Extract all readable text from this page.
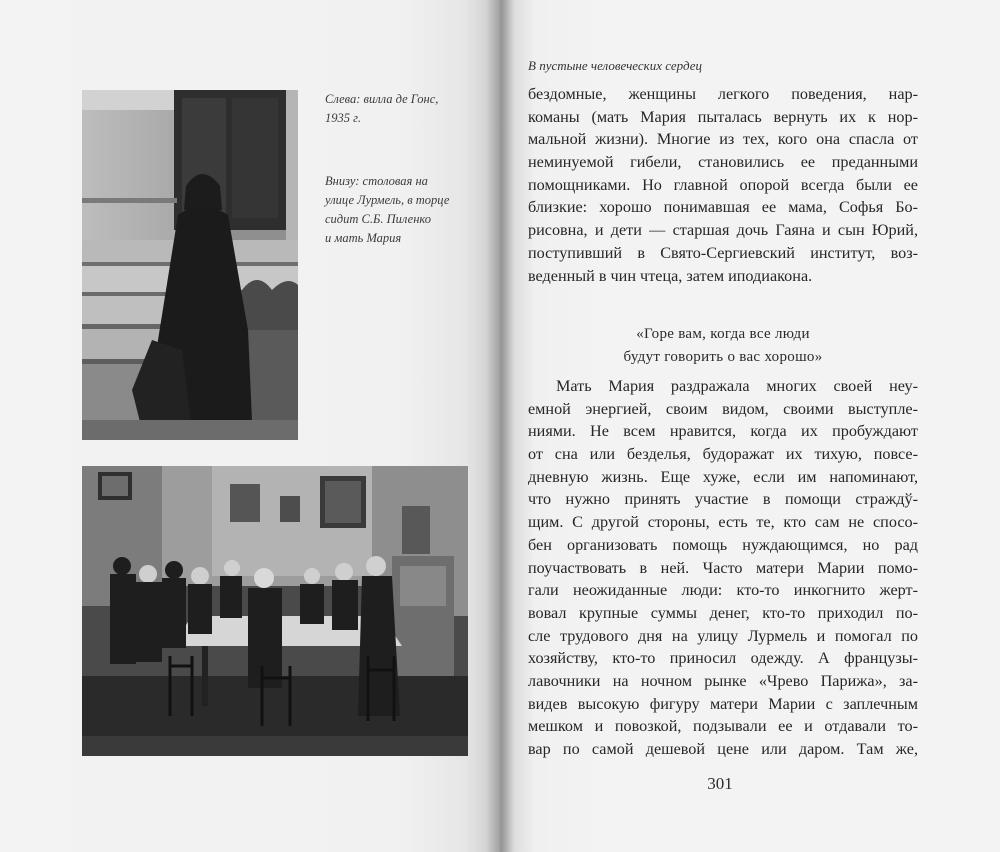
Слева: вилла де Гонс,
1935 г.
Внизу: столовая на
улице Лурмель, в торце
сидит С.Б. Пиленко
и мать Мария
В пустыне человеческих сердец
бездомные, женщины легкого поведения, нар-
команы (мать Мария пыталась вернуть их к нор-
мальной жизни). Многие из тех, кого она спасла от
неминуемой гибели, становились ее преданными
помощниками. Но главной опорой всегда были ее
близкие: хорошо понимавшая ее мама, Софья Бо-
рисовна, и дети — старшая дочь Гаяна и сын Юрий,
поступивший в Свято-Сергиевский институт, воз-
веденный в чин чтеца, затем иподиакона.
«Горе вам, когда все люди
будут говорить о вас хорошо»
Мать Мария раздражала многих своей неу-
емной энергией, своим видом, своими выступле-
ниями. Не всем нравится, когда их пробуждают
от сна или безделья, будоражат их тихую, повсе-
дневную жизнь. Еще хуже, если им напоминают,
что нужно принять участие в помощи страждў-
щим. С другой стороны, есть те, кто сам не спосо-
бен организовать помощь нуждающимся, но рад
поучаствовать в ней. Часто матери Марии помо-
гали неожиданные люди: кто-то инкогнито жерт-
вовал крупные суммы денег, кто-то приходил по-
сле трудового дня на улицу Лурмель и помогал по
хозяйству, кто-то приносил одежду. А французы-
лавочники на ночном рынке «Чрево Парижа», за-
видев высокую фигуру матери Марии с заплечным
мешком и повозкой, подзывали ее и отдавали то-
вар по самой дешевой цене или даром. Там же,
301
